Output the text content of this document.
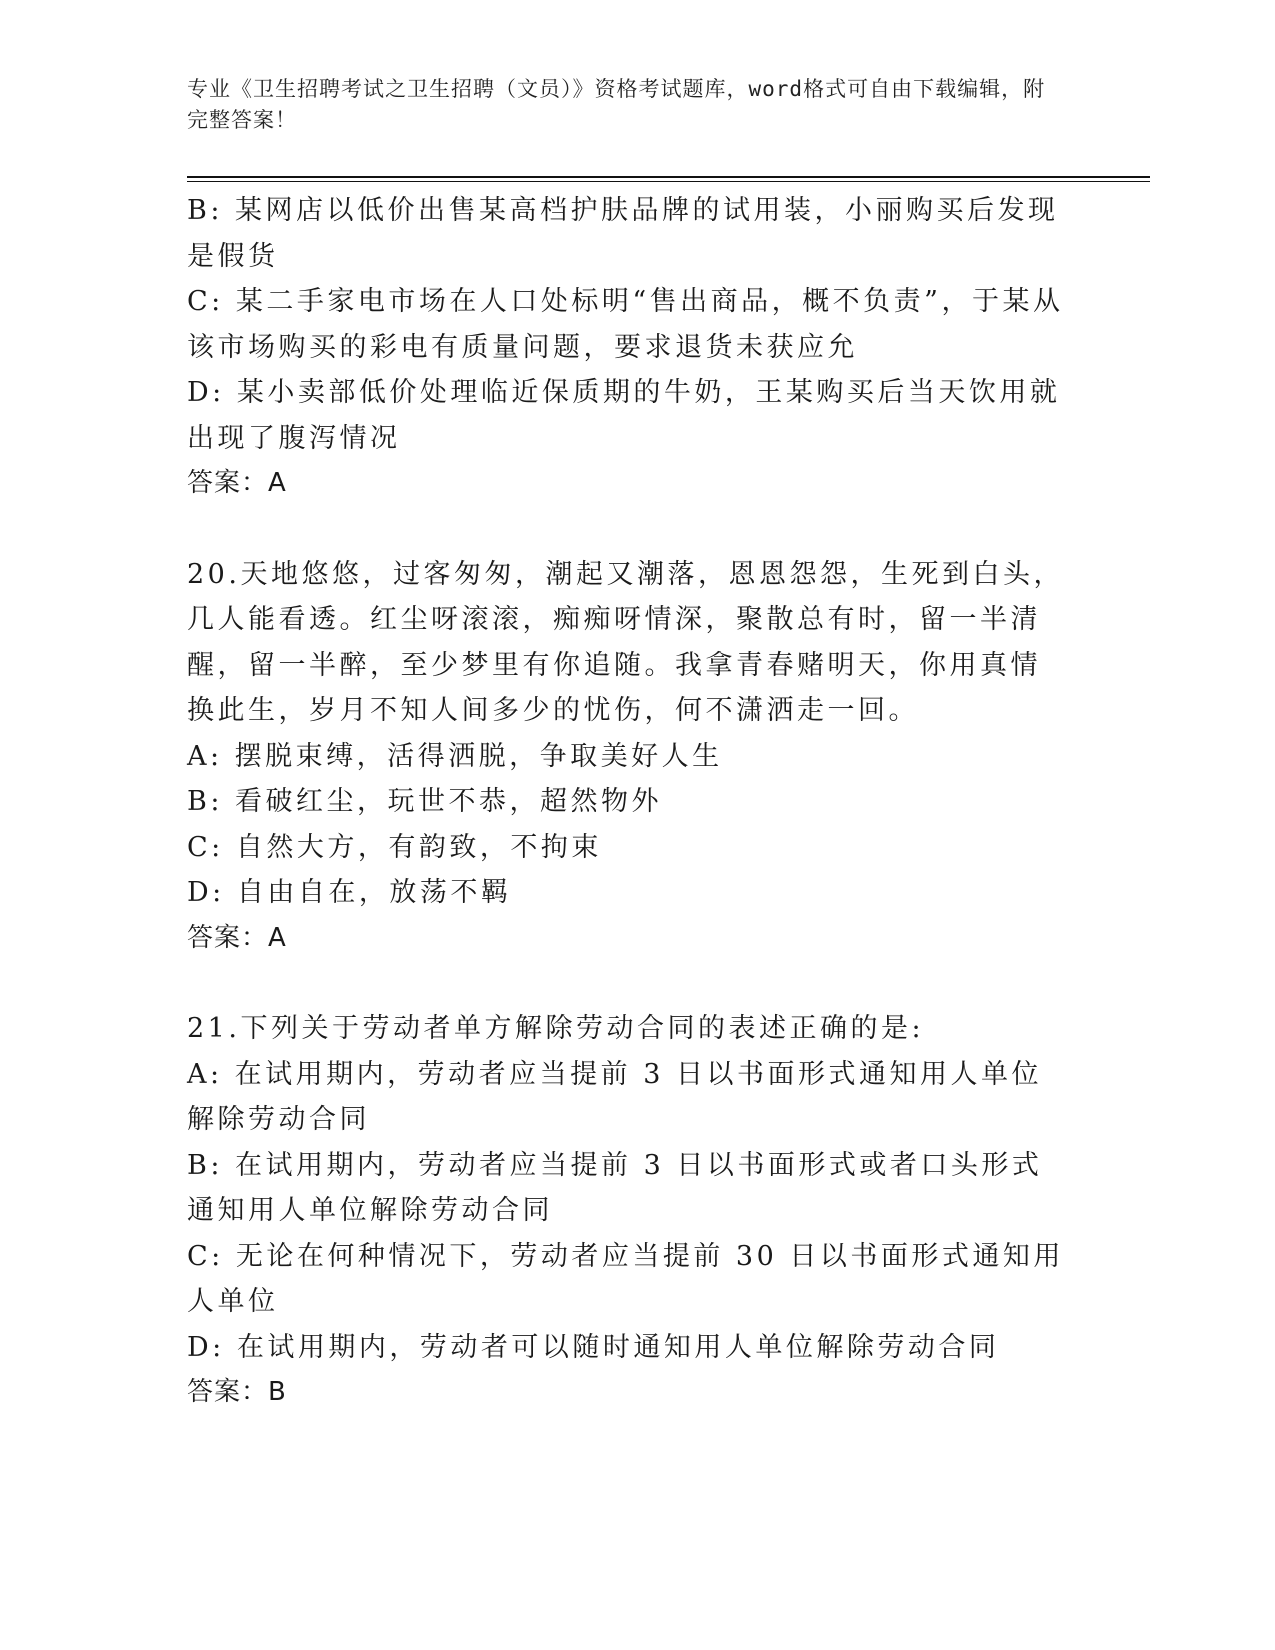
专业《卫生招聘考试之卫生招聘（文员）》资格考试题库，word格式可自由下载编辑，附完整答案！

B: 某网店以低价出售某高档护肤品牌的试用装，小丽购买后发现是假货

C: 某二手家电市场在人口处标明“售出商品，概不负责”，于某从该市场购买的彩电有质量问题，要求退货未获应允

D: 某小卖部低价处理临近保质期的牛奶，王某购买后当天饮用就出现了腹泻情况

答案：A

20.天地悠悠，过客匆匆，潮起又潮落，恩恩怨怨，生死到白头，几人能看透。红尘呀滚滚，痴痴呀情深，聚散总有时，留一半清醒，留一半醉，至少梦里有你追随。我拿青春赌明天，你用真情换此生，岁月不知人间多少的忧伤，何不潇洒走一回。

A: 摆脱束缚，活得洒脱，争取美好人生

B: 看破红尘，玩世不恭，超然物外

C: 自然大方，有韵致，不拘束

D: 自由自在，放荡不羁

答案：A

21.下列关于劳动者单方解除劳动合同的表述正确的是:

A: 在试用期内，劳动者应当提前 3 日以书面形式通知用人单位解除劳动合同

B: 在试用期内，劳动者应当提前 3 日以书面形式或者口头形式通知用人单位解除劳动合同

C: 无论在何种情况下，劳动者应当提前 30 日以书面形式通知用人单位

D: 在试用期内，劳动者可以随时通知用人单位解除劳动合同

答案：B
